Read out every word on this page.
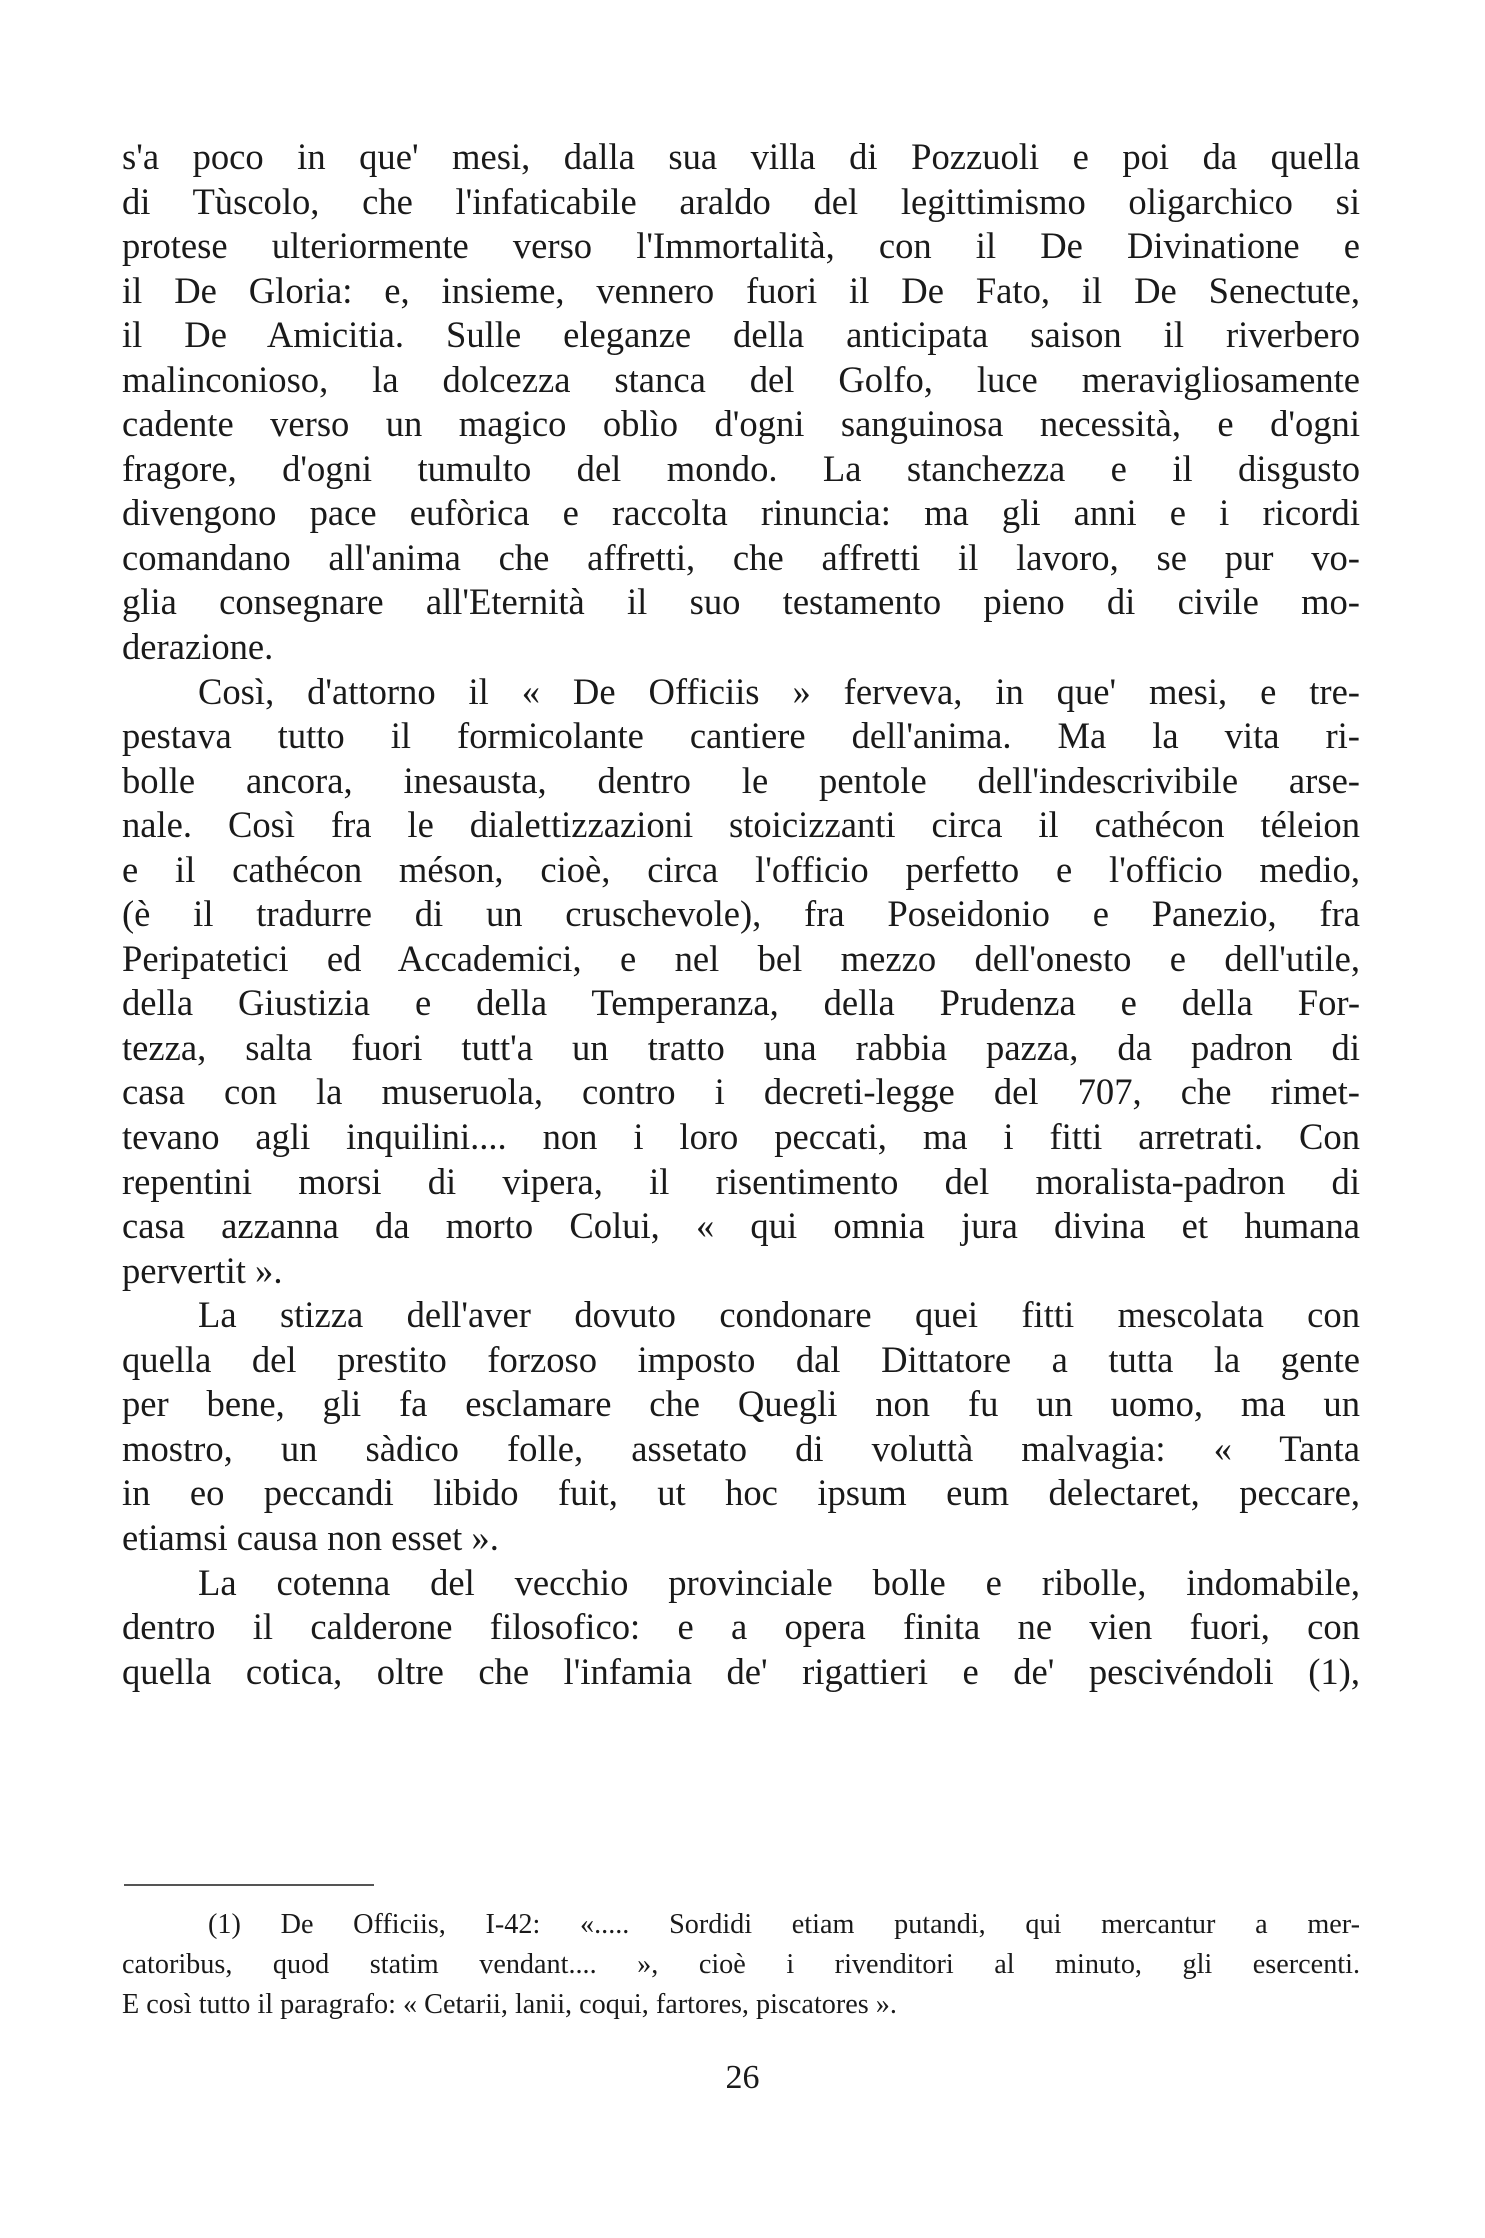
s'a poco in que' mesi, dalla sua villa di Pozzuoli e poi da quella
di Tùscolo, che l'infaticabile araldo del legittimismo oligarchico si
protese ulteriormente verso l'Immortalità, con il De Divinatione e
il De Gloria: e, insieme, vennero fuori il De Fato, il De Senectute,
il De Amicitia. Sulle eleganze della anticipata saison il riverbero
malinconioso, la dolcezza stanca del Golfo, luce meravigliosamente
cadente verso un magico oblìo d'ogni sanguinosa necessità, e d'ogni
fragore, d'ogni tumulto del mondo. La stanchezza e il disgusto
divengono pace eufòrica e raccolta rinuncia: ma gli anni e i ricordi
comandano all'anima che affretti, che affretti il lavoro, se pur vo-
glia consegnare all'Eternità il suo testamento pieno di civile mo-
derazione.
Così, d'attorno il « De Officiis » ferveva, in que' mesi, e tre-
pestava tutto il formicolante cantiere dell'anima. Ma la vita ri-
bolle ancora, inesausta, dentro le pentole dell'indescrivibile arse-
nale. Così fra le dialettizzazioni stoicizzanti circa il cathécon téleion
e il cathécon méson, cioè, circa l'officio perfetto e l'officio medio,
(è il tradurre di un cruschevole), fra Poseidonio e Panezio, fra
Peripatetici ed Accademici, e nel bel mezzo dell'onesto e dell'utile,
della Giustizia e della Temperanza, della Prudenza e della For-
tezza, salta fuori tutt'a un tratto una rabbia pazza, da padron di
casa con la museruola, contro i decreti-legge del 707, che rimet-
tevano agli inquilini.... non i loro peccati, ma i fitti arretrati. Con
repentini morsi di vipera, il risentimento del moralista-padron di
casa azzanna da morto Colui, « qui omnia jura divina et humana
pervertit ».
La stizza dell'aver dovuto condonare quei fitti mescolata con
quella del prestito forzoso imposto dal Dittatore a tutta la gente
per bene, gli fa esclamare che Quegli non fu un uomo, ma un
mostro, un sàdico folle, assetato di voluttà malvagia: « Tanta
in eo peccandi libido fuit, ut hoc ipsum eum delectaret, peccare,
etiamsi causa non esset ».
La cotenna del vecchio provinciale bolle e ribolle, indomabile,
dentro il calderone filosofico: e a opera finita ne vien fuori, con
quella cotica, oltre che l'infamia de' rigattieri e de' pescivéndoli (1),
(1) De Officiis, I-42: «..... Sordidi etiam putandi, qui mercantur a mer-
catoribus, quod statim vendant.... », cioè i rivenditori al minuto, gli esercenti.
E così tutto il paragrafo: « Cetarii, lanii, coqui, fartores, piscatores ».
26
